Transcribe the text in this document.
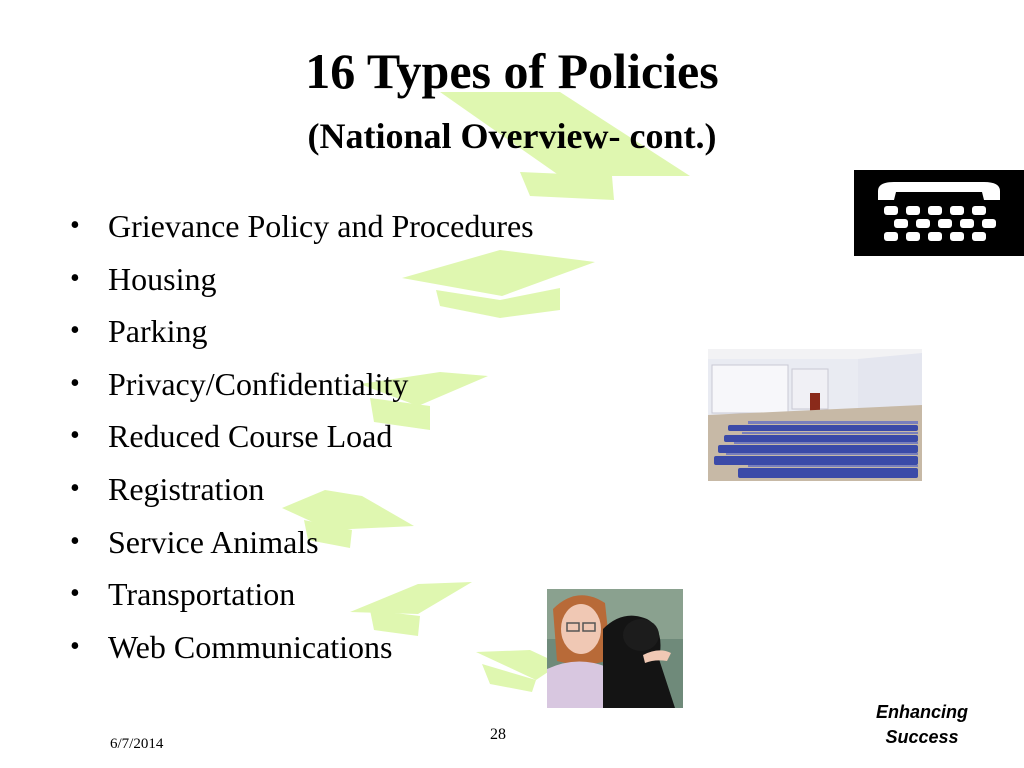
16 Types of Policies
(National Overview- cont.)
• Grievance Policy and Procedures
• Housing
• Parking
• Privacy/Confidentiality
• Reduced Course Load
• Registration
• Service Animals
• Transportation
• Web Communications
6/7/2014
28
Enhancing
Success
